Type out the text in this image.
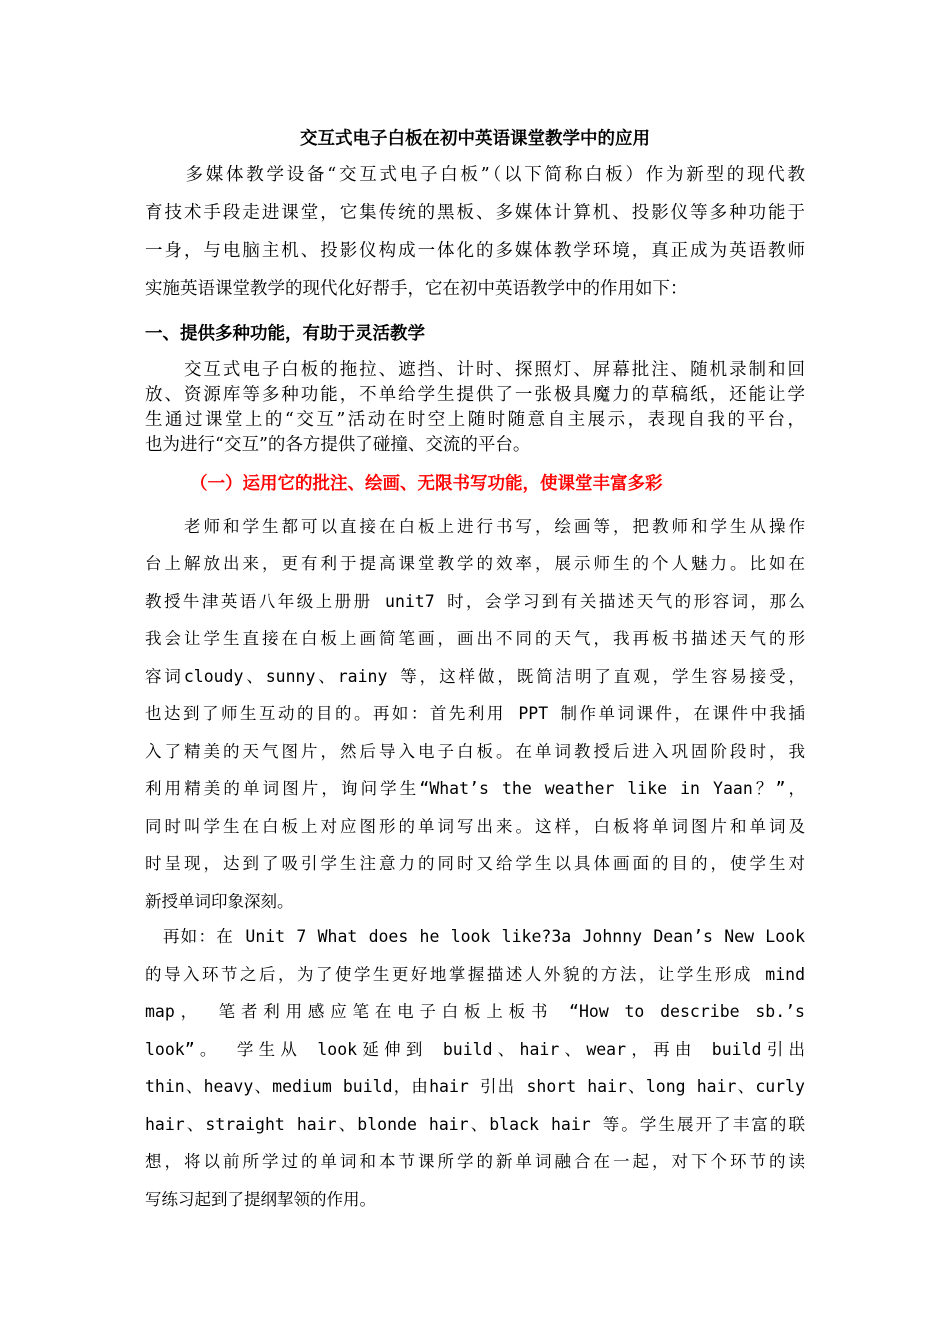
交互式电子白板在初中英语课堂教学中的应用
　　多媒体教学设备“交互式电子白板”（以下简称白板）作为新型的现代教
育技术手段走进课堂，它集传统的黑板、多媒体计算机、投影仪等多种功能于
一身，与电脑主机、投影仪构成一体化的多媒体教学环境，真正成为英语教师
实施英语课堂教学的现代化好帮手，它在初中英语教学中的作用如下：
一、提供多种功能，有助于灵活教学
　　交互式电子白板的拖拉、遮挡、计时、探照灯、屏幕批注、随机录制和回
放、资源库等多种功能，不单给学生提供了一张极具魔力的草稿纸，还能让学
生通过课堂上的“交互”活动在时空上随时随意自主展示，表现自我的平台，
也为进行“交互”的各方提供了碰撞、交流的平台。
（一）运用它的批注、绘画、无限书写功能，使课堂丰富多彩
　　老师和学生都可以直接在白板上进行书写，绘画等，把教师和学生从操作
台上解放出来，更有利于提高课堂教学的效率，展示师生的个人魅力。比如在
教授牛津英语八年级上册册 unit7 时，会学习到有关描述天气的形容词，那么
我会让学生直接在白板上画简笔画，画出不同的天气，我再板书描述天气的形
容词cloudy、sunny、rainy 等，这样做，既简洁明了直观，学生容易接受，
也达到了师生互动的目的。再如：首先利用 PPT 制作单词课件，在课件中我插
入了精美的天气图片，然后导入电子白板。在单词教授后进入巩固阶段时，我
利用精美的单词图片，询问学生“What’s the weather like in Yaan？”，
同时叫学生在白板上对应图形的单词写出来。这样，白板将单词图片和单词及
时呈现，达到了吸引学生注意力的同时又给学生以具体画面的目的，使学生对
新授单词印象深刻。
　再如：在 Unit 7 What does he look like?3a Johnny Dean’s New Look
的导入环节之后，为了使学生更好地掌握描述人外貌的方法，让学生形成 mind
map， 笔者利用感应笔在电子白板上板书 “How to describe sb.’s
look”。 学生从 look延伸到 build、hair、wear，再由 build引出
thin、heavy、medium build，由hair 引出 short hair、long hair、curly
hair、straight hair、blonde hair、black hair 等。学生展开了丰富的联
想，将以前所学过的单词和本节课所学的新单词融合在一起，对下个环节的读
写练习起到了提纲挈领的作用。
